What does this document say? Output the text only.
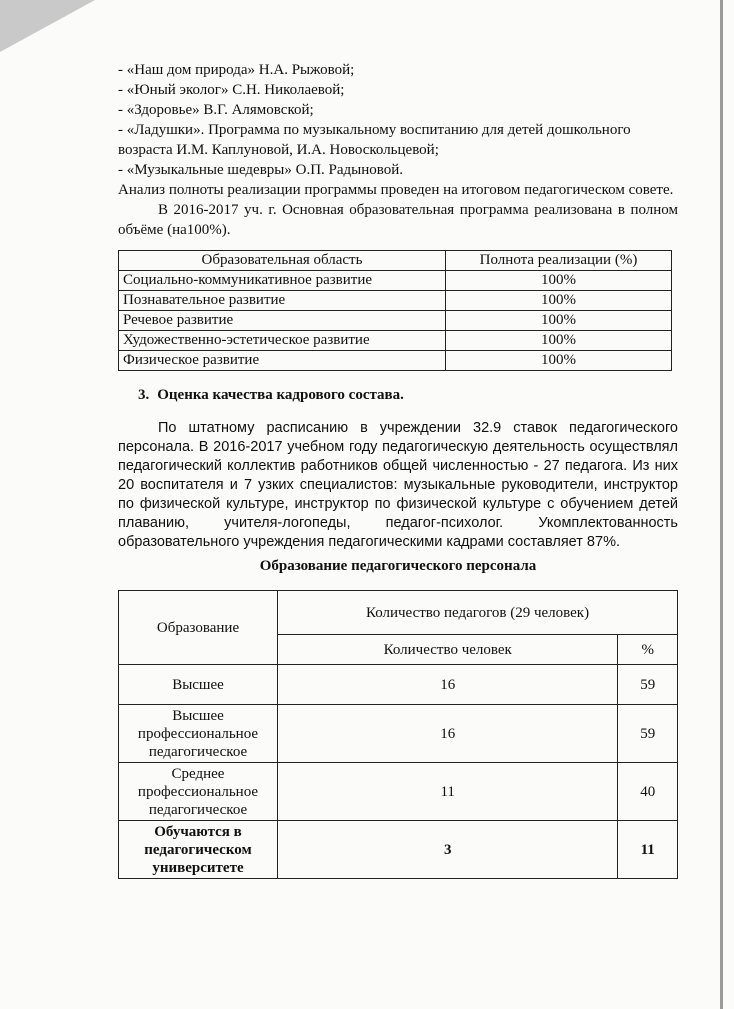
- «Наш дом природа» Н.А. Рыжовой;

- «Юный эколог» С.Н. Николаевой;

- «Здоровье» В.Г. Алямовской;

- «Ладушки». Программа по музыкальному воспитанию для детей дошкольного возраста И.М. Каплуновой, И.А. Новоскольцевой;

- «Музыкальные шедевры» О.П. Радыновой.

Анализ полноты реализации программы проведен на итоговом педагогическом совете.

В 2016-2017 уч. г. Основная образовательная программа реализована в полном объёме (на100%).

Образовательная область	Полнота реализации (%)
Социально-коммуникативное развитие	100%
Познавательное развитие	100%
Речевое развитие	100%
Художественно-эстетическое развитие	100%
Физическое развитие	100%

3. Оценка качества кадрового состава.

По штатному расписанию в учреждении 32.9 ставок педагогического персонала. В 2016-2017 учебном году педагогическую деятельность осуществлял педагогический коллектив работников общей численностью - 27 педагога. Из них 20 воспитателя и 7 узких специалистов: музыкальные руководители, инструктор по физической культуре, инструктор по физической культуре с обучением детей плаванию, учителя-логопеды, педагог-психолог. Укомплектованность образовательного учреждения педагогическими кадрами составляет 87%.

Образование педагогического персонала

Образование	Количество педагогов (29 человек)	
	Количество человек	%
Высшее	16	59
Высшее профессиональное педагогическое	16	59
Среднее профессиональное педагогическое	11	40
Обучаются в педагогическом университете	3	11
